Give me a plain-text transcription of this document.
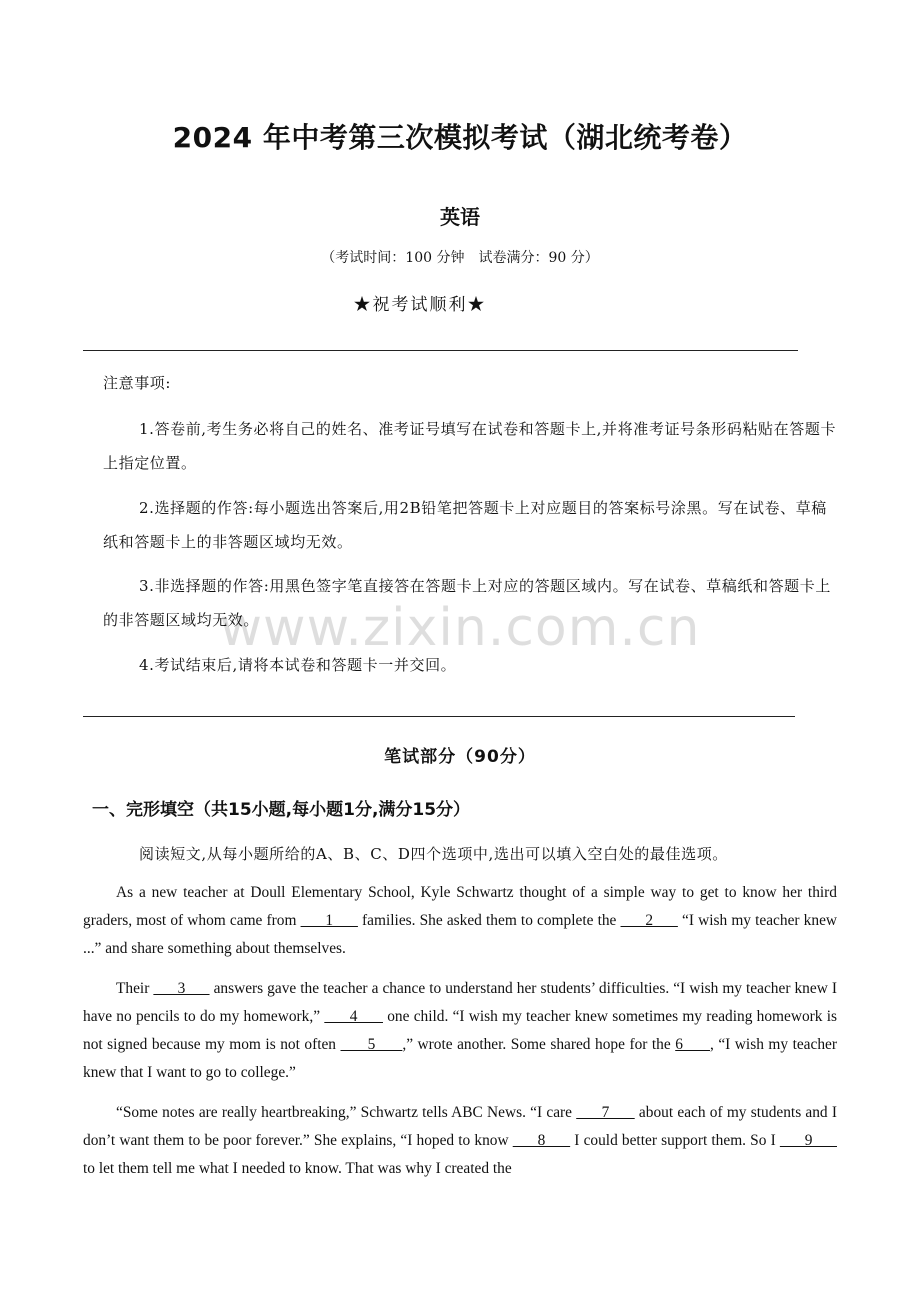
2024 年中考第三次模拟考试（湖北统考卷）
英语
（考试时间：100 分钟　试卷满分：90 分）
★祝考试顺利★
注意事项:
1.答卷前,考生务必将自己的姓名、准考证号填写在试卷和答题卡上,并将准考证号条形码粘贴在答题卡上指定位置。
2.选择题的作答:每小题选出答案后,用2B铅笔把答题卡上对应题目的答案标号涂黑。写在试卷、草稿纸和答题卡上的非答题区域均无效。
3.非选择题的作答:用黑色签字笔直接答在答题卡上对应的答题区域内。写在试卷、草稿纸和答题卡上的非答题区域均无效。
4.考试结束后,请将本试卷和答题卡一并交回。
www.zixin.com.cn
笔试部分（90分）
一、完形填空（共15小题,每小题1分,满分15分）
阅读短文,从每小题所给的A、B、C、D四个选项中,选出可以填入空白处的最佳选项。
As a new teacher at Doull Elementary School, Kyle Schwartz thought of a simple way to get to know her third graders, most of whom came from       1       families. She asked them to complete the       2       “I wish my teacher knew ...” and share something about themselves.
Their       3       answers gave the teacher a chance to understand her students’ difficulties. “I wish my teacher knew I have no pencils to do my homework,”       4       one child. “I wish my teacher knew sometimes my reading homework is not signed because my mom is not often       5      ,” wrote another. Some shared hope for the 6      , “I wish my teacher knew that I want to go to college.”
“Some notes are really heartbreaking,” Schwartz tells ABC News. “I care       7       about each of my students and I don’t want them to be poor forever.” She explains, “I hoped to know       8       I could better support them. So I       9       to let them tell me what I needed to know. That was why I created the
